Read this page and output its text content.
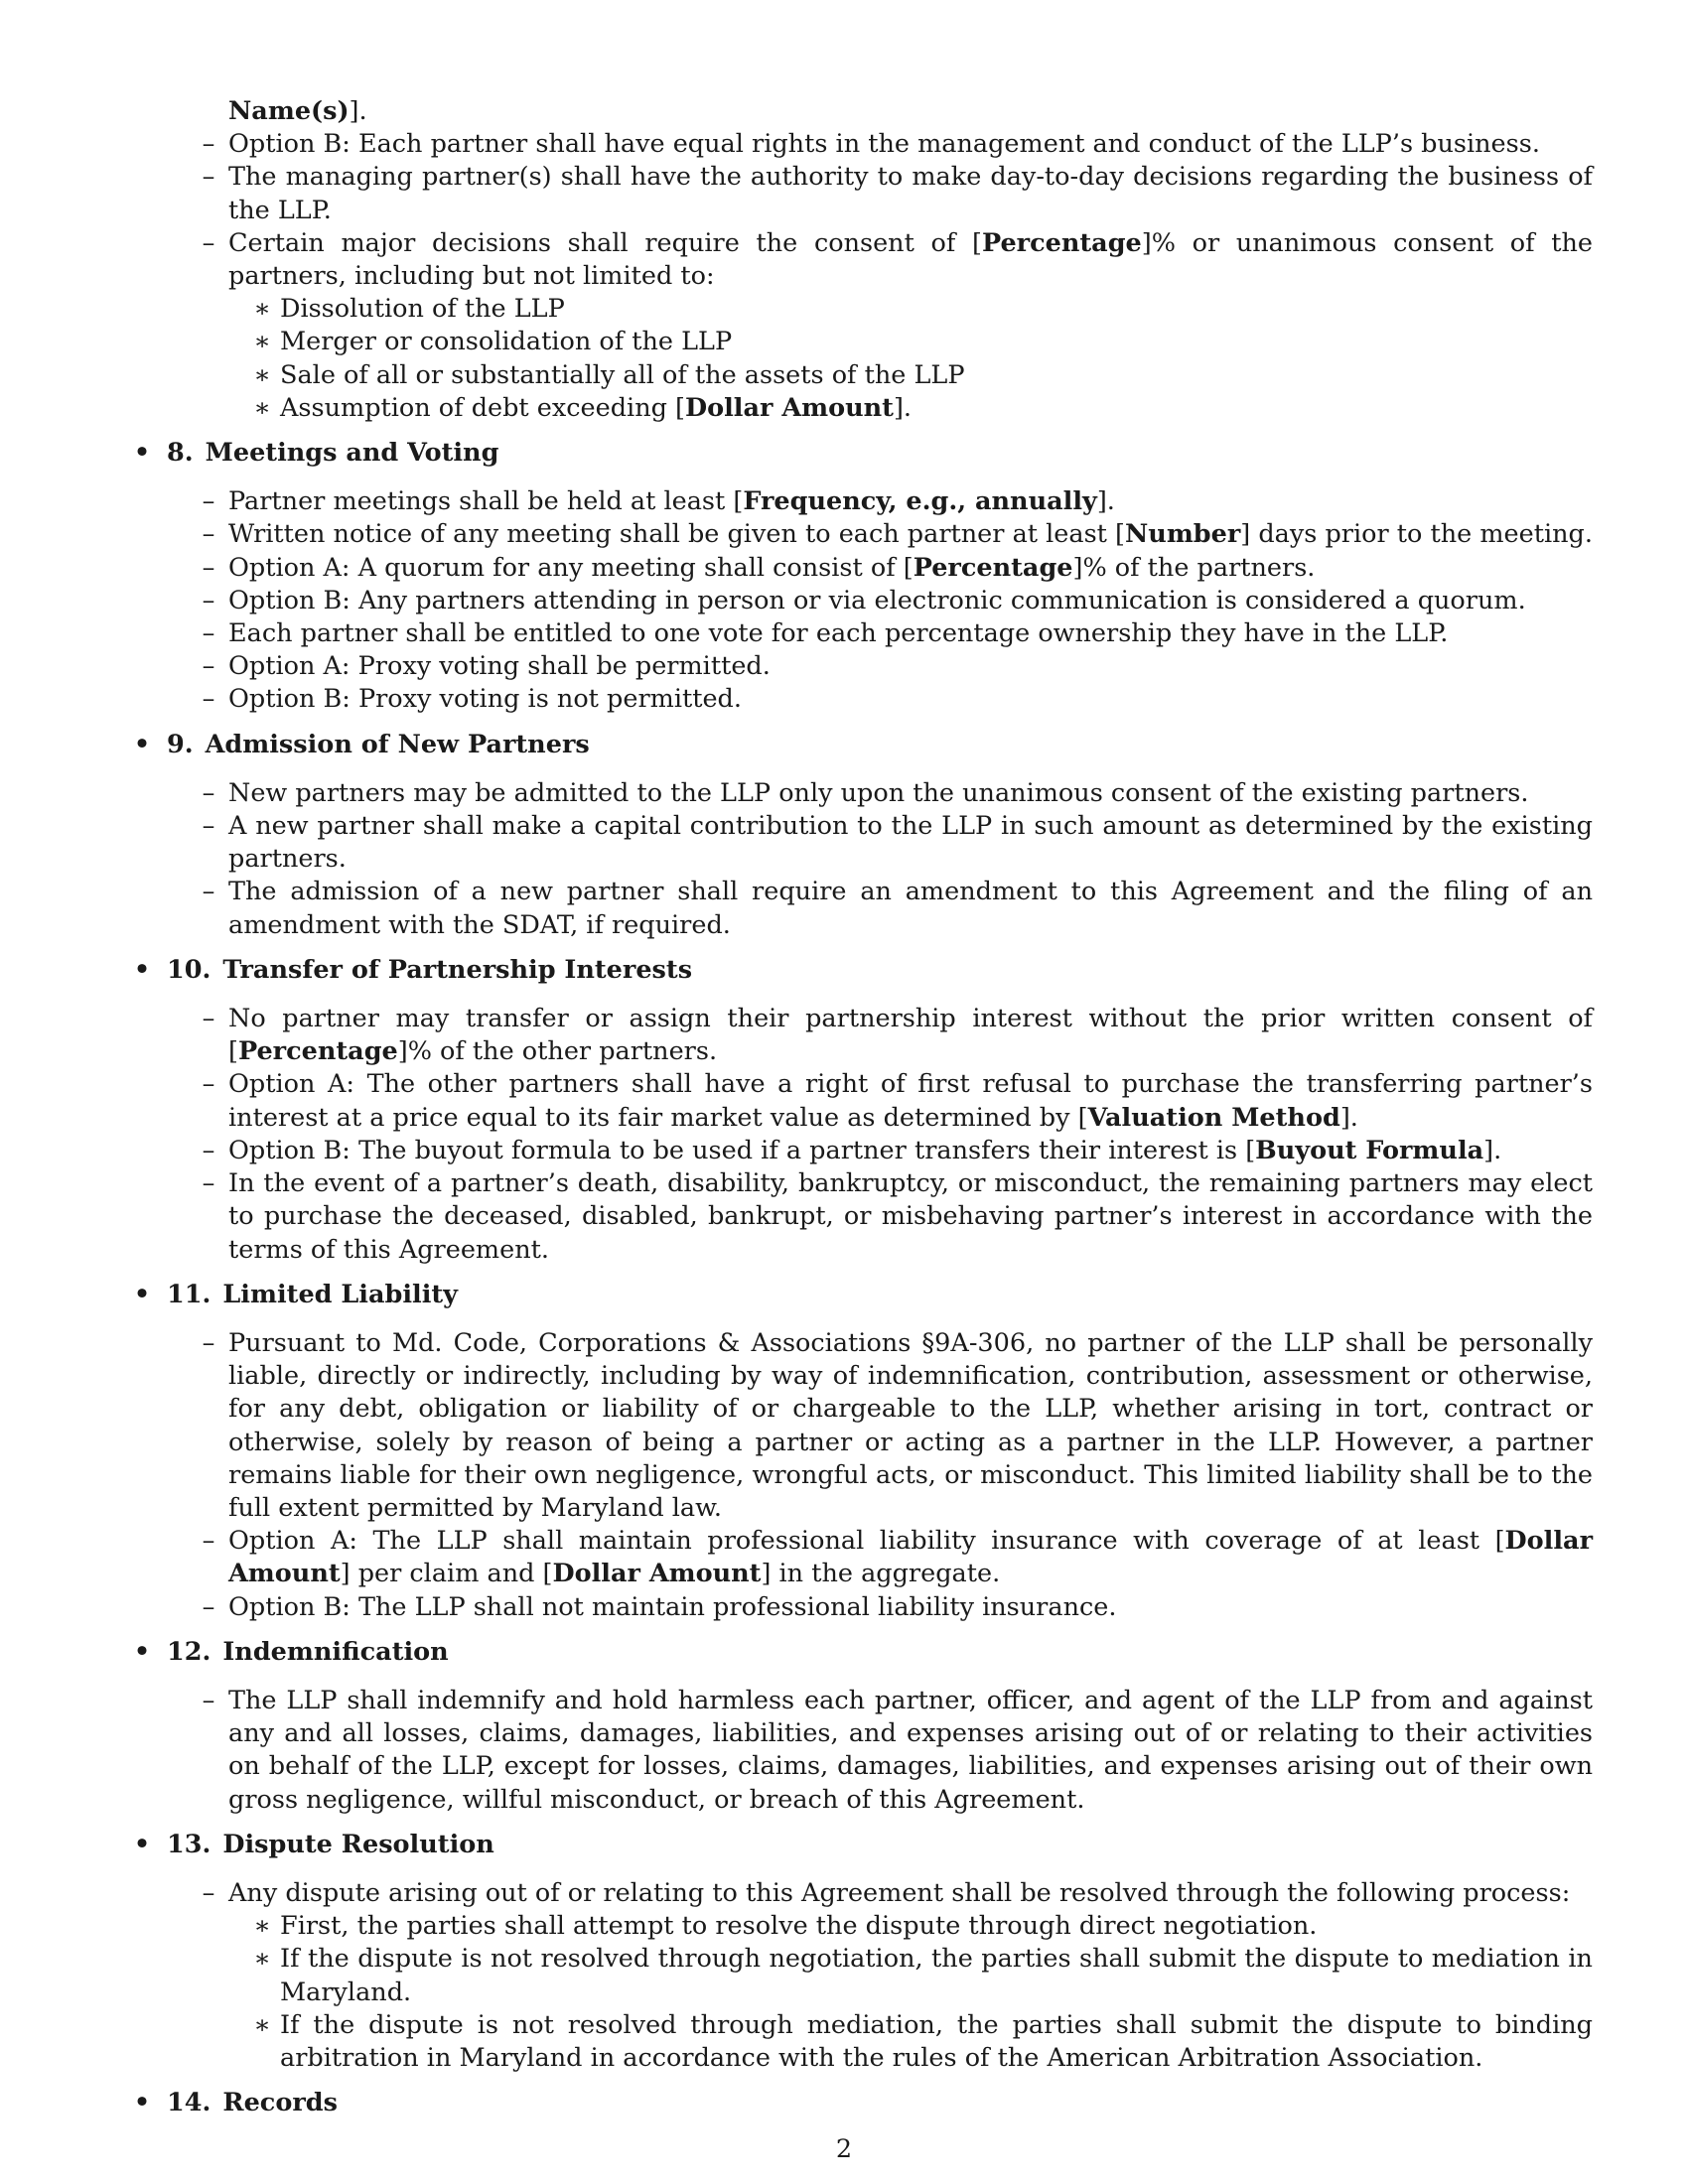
Name(s)].
– Option B: Each partner shall have equal rights in the management and conduct of the LLP’s business.
– The managing partner(s) shall have the authority to make day-to-day decisions regarding the business of the LLP.
– Certain major decisions shall require the consent of [Percentage]% or unanimous consent of the partners, including but not limited to:
∗ Dissolution of the LLP
∗ Merger or consolidation of the LLP
∗ Sale of all or substantially all of the assets of the LLP
∗ Assumption of debt exceeding [Dollar Amount].
• 8. Meetings and Voting
– Partner meetings shall be held at least [Frequency, e.g., annually].
– Written notice of any meeting shall be given to each partner at least [Number] days prior to the meeting.
– Option A: A quorum for any meeting shall consist of [Percentage]% of the partners.
– Option B: Any partners attending in person or via electronic communication is considered a quorum.
– Each partner shall be entitled to one vote for each percentage ownership they have in the LLP.
– Option A: Proxy voting shall be permitted.
– Option B: Proxy voting is not permitted.
• 9. Admission of New Partners
– New partners may be admitted to the LLP only upon the unanimous consent of the existing partners.
– A new partner shall make a capital contribution to the LLP in such amount as determined by the existing partners.
– The admission of a new partner shall require an amendment to this Agreement and the filing of an amendment with the SDAT, if required.
• 10. Transfer of Partnership Interests
– No partner may transfer or assign their partnership interest without the prior written consent of [Percentage]% of the other partners.
– Option A: The other partners shall have a right of first refusal to purchase the transferring partner’s interest at a price equal to its fair market value as determined by [Valuation Method].
– Option B: The buyout formula to be used if a partner transfers their interest is [Buyout Formula].
– In the event of a partner’s death, disability, bankruptcy, or misconduct, the remaining partners may elect to purchase the deceased, disabled, bankrupt, or misbehaving partner’s interest in accordance with the terms of this Agreement.
• 11. Limited Liability
– Pursuant to Md. Code, Corporations & Associations §9A-306, no partner of the LLP shall be personally liable, directly or indirectly, including by way of indemnification, contribution, assessment or otherwise, for any debt, obligation or liability of or chargeable to the LLP, whether arising in tort, contract or otherwise, solely by reason of being a partner or acting as a partner in the LLP. However, a partner remains liable for their own negligence, wrongful acts, or misconduct. This limited liability shall be to the full extent permitted by Maryland law.
– Option A: The LLP shall maintain professional liability insurance with coverage of at least [Dollar Amount] per claim and [Dollar Amount] in the aggregate.
– Option B: The LLP shall not maintain professional liability insurance.
• 12. Indemnification
– The LLP shall indemnify and hold harmless each partner, officer, and agent of the LLP from and against any and all losses, claims, damages, liabilities, and expenses arising out of or relating to their activities on behalf of the LLP, except for losses, claims, damages, liabilities, and expenses arising out of their own gross negligence, willful misconduct, or breach of this Agreement.
• 13. Dispute Resolution
– Any dispute arising out of or relating to this Agreement shall be resolved through the following process:
∗ First, the parties shall attempt to resolve the dispute through direct negotiation.
∗ If the dispute is not resolved through negotiation, the parties shall submit the dispute to mediation in Maryland.
∗ If the dispute is not resolved through mediation, the parties shall submit the dispute to binding arbitration in Maryland in accordance with the rules of the American Arbitration Association.
• 14. Records
2
